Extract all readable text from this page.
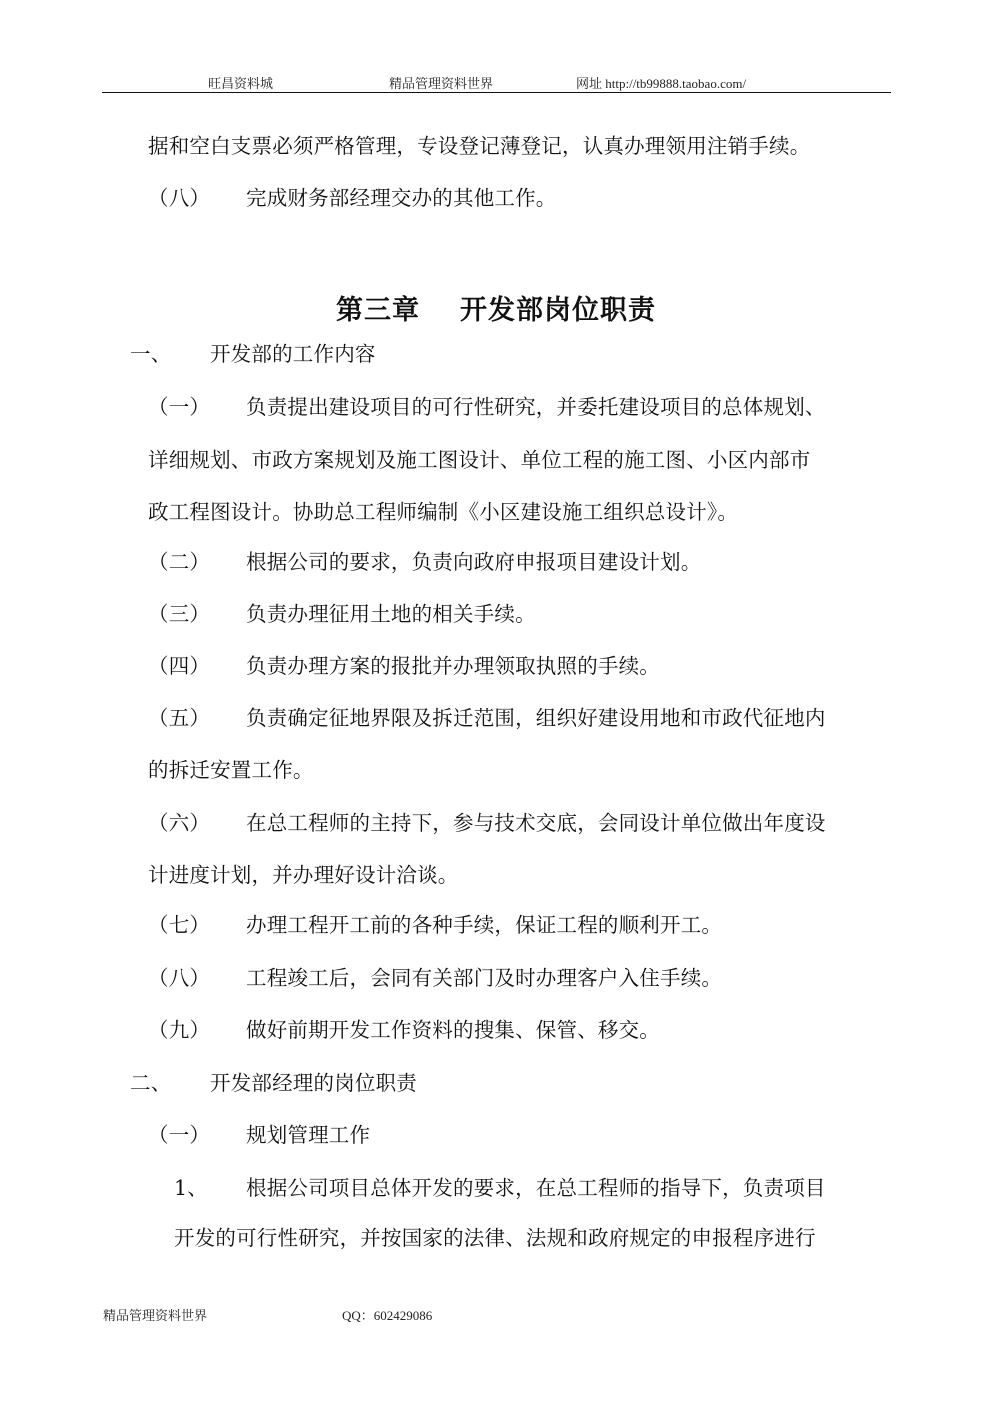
旺昌资料城	精品管理资料世界	网址 http://tb99888.taobao.com/
据和空白支票必须严格管理，专设登记薄登记，认真办理领用注销手续。
（八） 完成财务部经理交办的其他工作。
第三章 开发部岗位职责
一、 开发部的工作内容
（一） 负责提出建设项目的可行性研究，并委托建设项目的总体规划、
详细规划、市政方案规划及施工图设计、单位工程的施工图、小区内部市
政工程图设计。协助总工程师编制《小区建设施工组织总设计》。
（二） 根据公司的要求，负责向政府申报项目建设计划。
（三） 负责办理征用土地的相关手续。
（四） 负责办理方案的报批并办理领取执照的手续。
（五） 负责确定征地界限及拆迁范围，组织好建设用地和市政代征地内
的拆迁安置工作。
（六） 在总工程师的主持下，参与技术交底，会同设计单位做出年度设
计进度计划，并办理好设计洽谈。
（七） 办理工程开工前的各种手续，保证工程的顺利开工。
（八） 工程竣工后，会同有关部门及时办理客户入住手续。
（九） 做好前期开发工作资料的搜集、保管、移交。
二、 开发部经理的岗位职责
（一） 规划管理工作
1、 根据公司项目总体开发的要求，在总工程师的指导下，负责项目
开发的可行性研究，并按国家的法律、法规和政府规定的申报程序进行
精品管理资料世界	QQ：602429086
